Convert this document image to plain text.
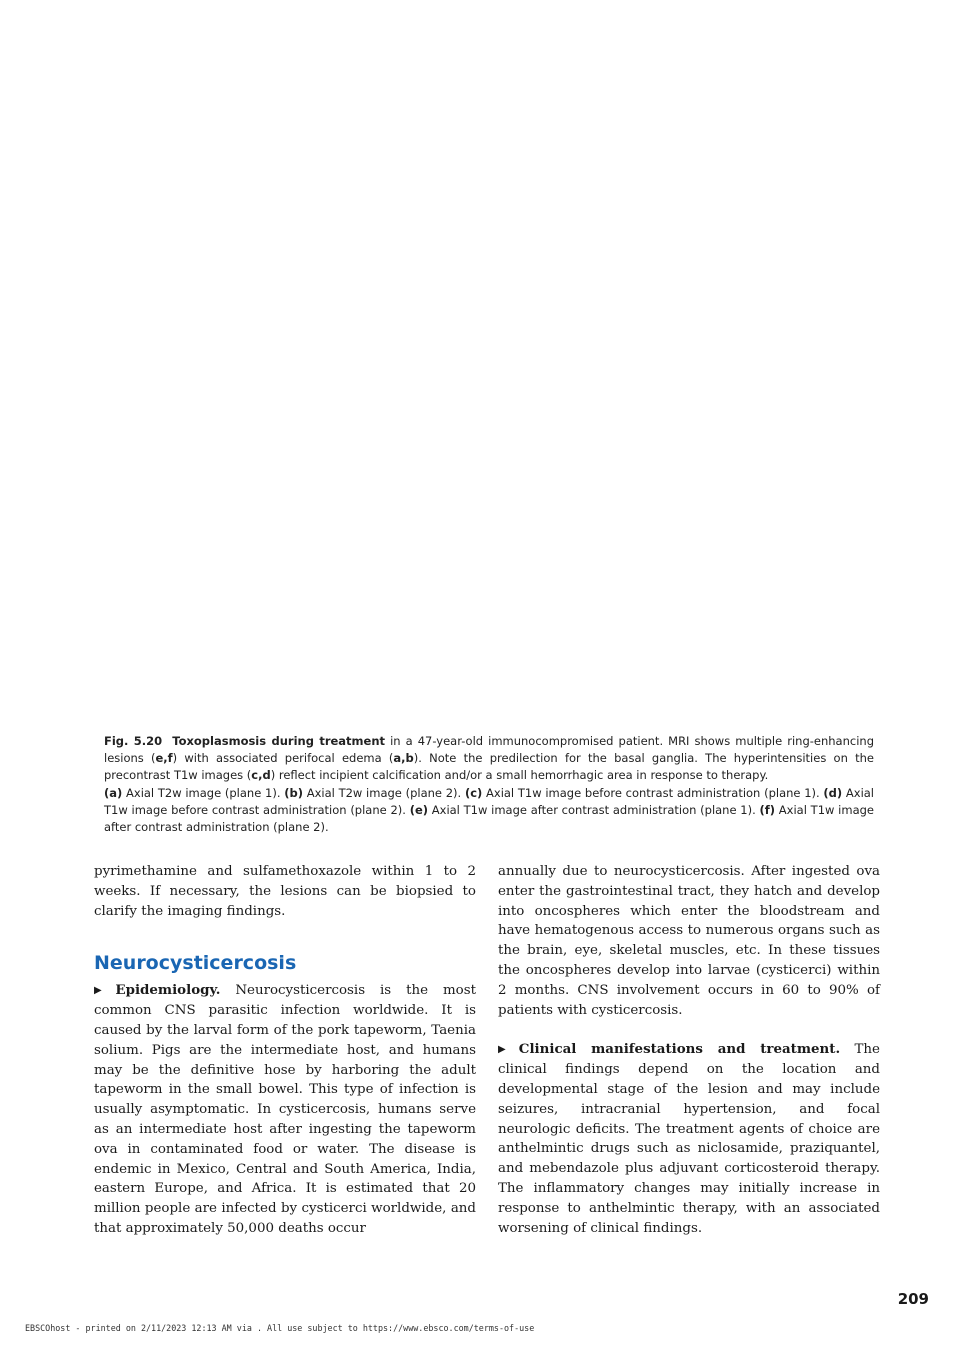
Fig. 5.20 Toxoplasmosis during treatment in a 47-year-old immunocompromised patient. MRI shows multiple ring-enhancing lesions (e,f) with associated perifocal edema (a,b). Note the predilection for the basal ganglia. The hyperintensities on the precontrast T1w images (c,d) reflect incipient calcification and/or a small hemorrhagic area in response to therapy.

(a) Axial T2w image (plane 1). (b) Axial T2w image (plane 2). (c) Axial T1w image before contrast administration (plane 1). (d) Axial T1w image before contrast administration (plane 2). (e) Axial T1w image after contrast administration (plane 1). (f) Axial T1w image after contrast administration (plane 2).

pyrimethamine and sulfamethoxazole within 1 to 2 weeks. If necessary, the lesions can be biopsied to clarify the imaging findings.

Neurocysticercosis

▶ Epidemiology. Neurocysticercosis is the most common CNS parasitic infection worldwide. It is caused by the larval form of the pork tapeworm, Taenia solium. Pigs are the intermediate host, and humans may be the definitive hose by harboring the adult tapeworm in the small bowel. This type of infection is usually asymptomatic. In cysticercosis, humans serve as an intermediate host after ingesting the tapeworm ova in contaminated food or water. The disease is endemic in Mexico, Central and South America, India, eastern Europe, and Africa. It is estimated that 20 million people are infected by cysticerci worldwide, and that approximately 50,000 deaths occur

annually due to neurocysticercosis. After ingested ova enter the gastrointestinal tract, they hatch and develop into oncospheres which enter the bloodstream and have hematogenous access to numerous organs such as the brain, eye, skeletal muscles, etc. In these tissues the oncospheres develop into larvae (cysticerci) within 2 months. CNS involvement occurs in 60 to 90% of patients with cysticercosis.

▶ Clinical manifestations and treatment. The clinical findings depend on the location and developmental stage of the lesion and may include seizures, intracranial hypertension, and focal neurologic deficits. The treatment agents of choice are anthelmintic drugs such as niclosamide, praziquantel, and mebendazole plus adjuvant corticosteroid therapy. The inflammatory changes may initially increase in response to anthelmintic therapy, with an associated worsening of clinical findings.

209
EBSCOhost - printed on 2/11/2023 12:13 AM via . All use subject to https://www.ebsco.com/terms-of-use
